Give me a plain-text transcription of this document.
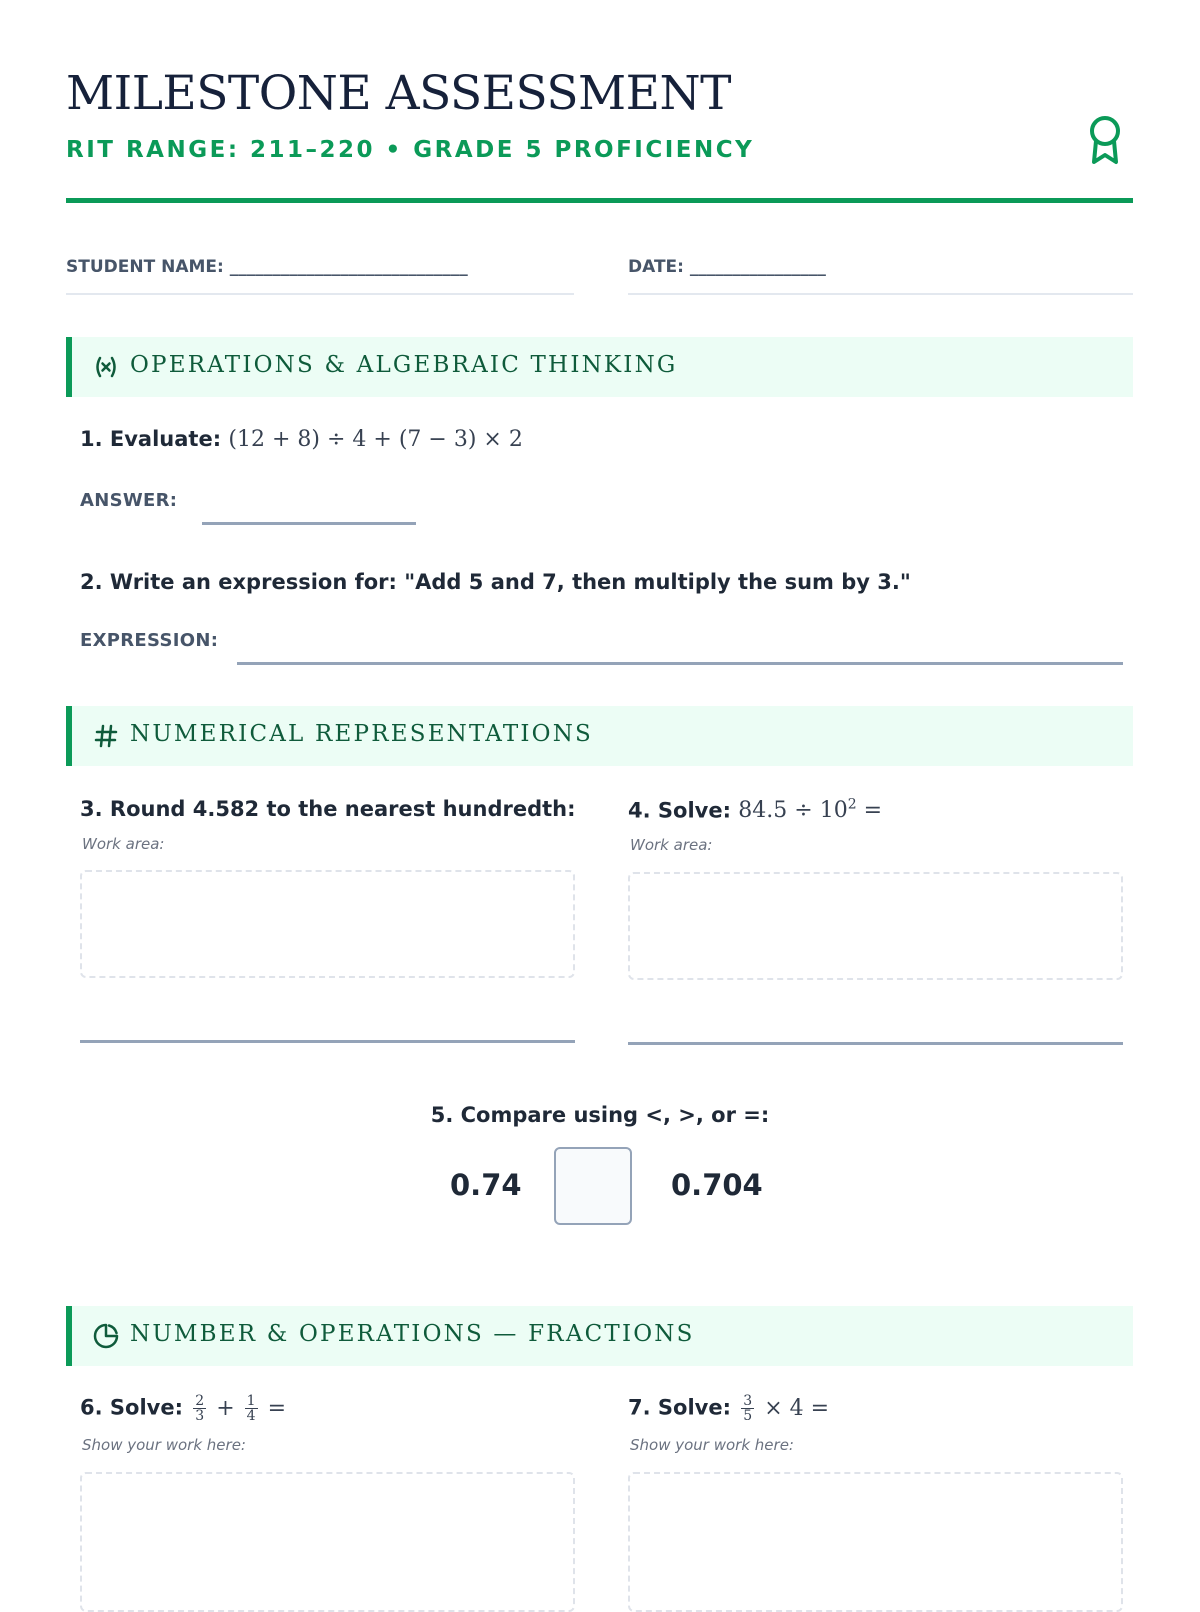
MILESTONE ASSESSMENT
RIT RANGE: 211–220 • GRADE 5 PROFICIENCY
STUDENT NAME: ____________________________	DATE: ________________
OPERATIONS & ALGEBRAIC THINKING
1. Evaluate: (12 + 8) ÷ 4 + (7 − 3) × 2
ANSWER:
2. Write an expression for: "Add 5 and 7, then multiply the sum by 3."
EXPRESSION:
NUMERICAL REPRESENTATIONS
3. Round 4.582 to the nearest hundredth:
Work area:
4. Solve: $84.5 \div 10^2$ =
Work area:
5. Compare using <, >, or =:
0.74	0.704
NUMBER & OPERATIONS — FRACTIONS
6. Solve: $\frac{2}{3} + \frac{1}{4}$ =
Show your work here:
7. Solve: $\frac{3}{5} \times 4$ =
Show your work here:
